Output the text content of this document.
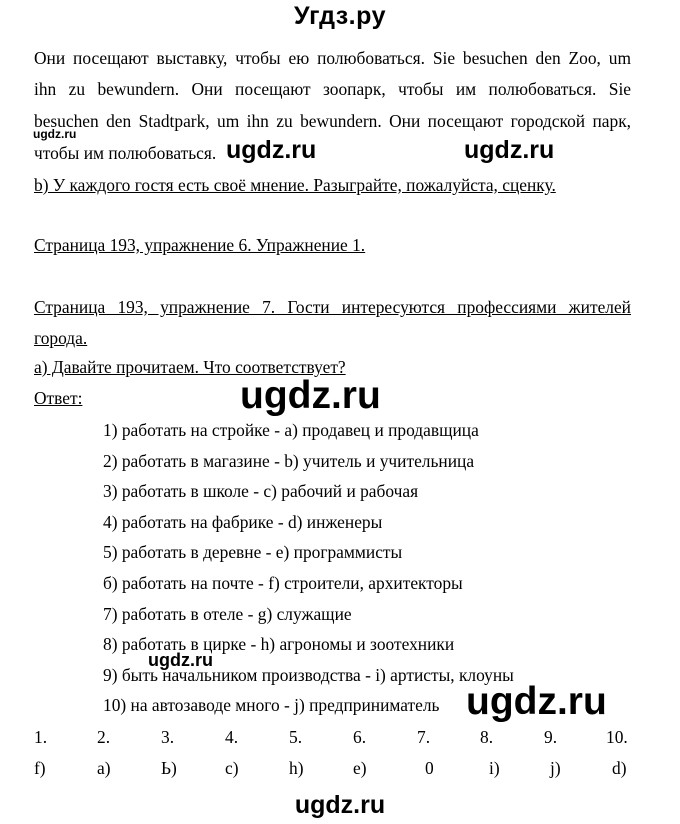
Угдз.ру
Они посещают выставку, чтобы ею полюбоваться. Sie besuchen den Zoo, um
ihn zu bewundern. Они посещают зоопарк, чтобы им полюбоваться. Sie
besuchen den Stadtpark, um ihn zu bewundern. Они посещают городской парк,
чтобы им полюбоваться.
ugdz.ru
ugdz.ru	ugdz.ru
b) У каждого гостя есть своё мнение. Разыграйте, пожалуйста, сценку.
Страница 193, упражнение 6. Упражнение 1.
Страница 193, упражнение 7. Гости интересуются профессиями жителей
города.
а) Давайте прочитаем. Что соответствует?
Ответ:	ugdz.ru
1) работать на стройке - а) продавец и продавщица
2) работать в магазине - b) учитель и учительница
3) работать в школе - с) рабочий и рабочая
4) работать на фабрике - d) инженеры
5) работать в деревне - е) программисты
б) работать на почте - f) строители, архитекторы
7) работать в отеле - g) служащие
8) работать в цирке - h) агрономы и зоотехники
9) быть начальником производства - i) артисты, клоуны
10) на автозаводе много - j) предприниматель
ugdz.ru
ugdz.ru
1.	2.	3.	4.	5.	6.	7.	8.	9.	10.
f)	a)	Ь)	c)	h)	e)	0	i)	j)	d)
ugdz.ru
